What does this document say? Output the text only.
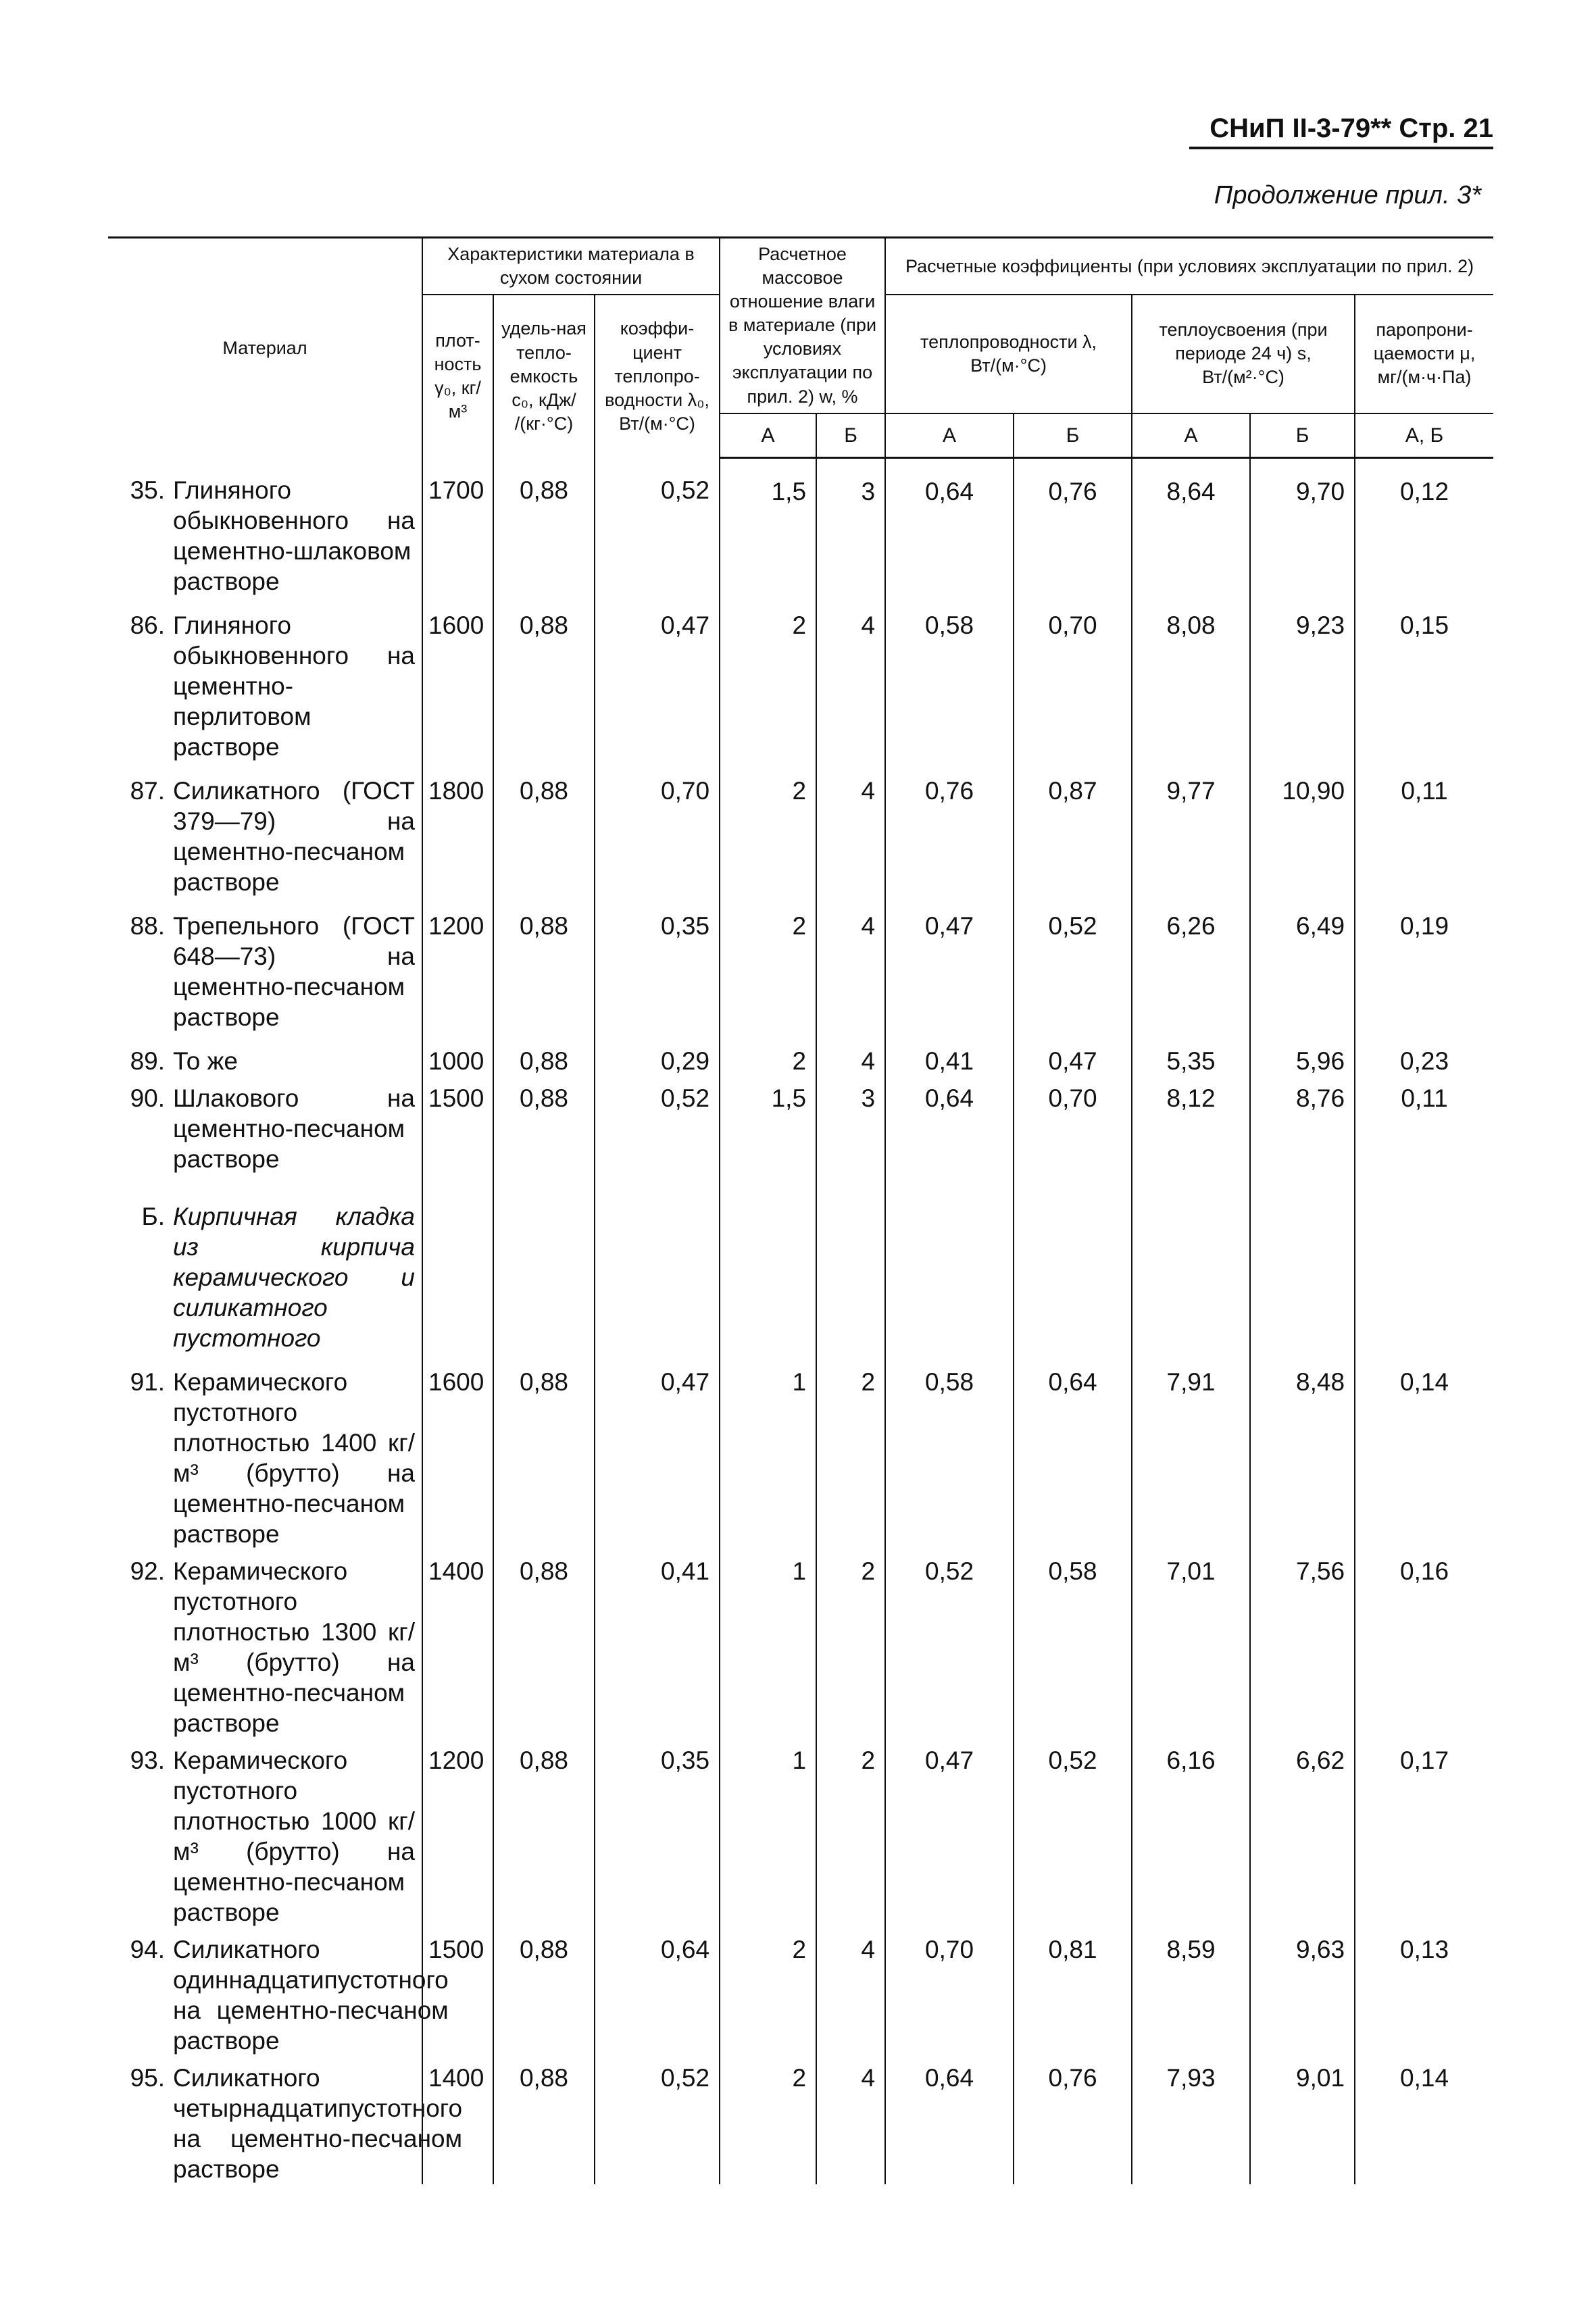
СНиП II-3-79** Стр. 21
Продолжение прил. 3*
Материал	Характеристики материала в сухом состоянии			Расчетное массовое отношение влаги в материале (при условиях эксплуатации по прил. 2) w, %		Расчетные коэффициенты (при условиях эксплуатации по прил. 2)				
	плот-ность γ₀, кг/м³	удель-ная тепло-емкость c₀, кДж/ /(кг·°С)	коэффи-циент теплопро-водности λ₀, Вт/(м·°С)			теплопроводности λ, Вт/(м·°С)		теплоусвоения (при периоде 24 ч) s, Вт/(м²·°С)		паропрони-цаемости μ, мг/(м·ч·Па)
				А	Б	А	Б	А	Б	А, Б

35. Глиняного обыкновенного на цементно-шлаковом растворе	1700	0,88	0,52	1,5	3	0,64	0,76	8,64	9,70	0,12

86. Глиняного обыкновенного на цементно-перлитовом растворе	1600	0,88	0,47	2	4	0,58	0,70	8,08	9,23	0,15

87. Силикатного (ГОСТ 379—79) на цементно-песчаном растворе	1800	0,88	0,70	2	4	0,76	0,87	9,77	10,90	0,11

88. Трепельного (ГОСТ 648—73) на цементно-песчаном растворе	1200	0,88	0,35	2	4	0,47	0,52	6,26	6,49	0,19

89. То же	1000	0,88	0,29	2	4	0,41	0,47	5,35	5,96	0,23

90. Шлакового на цементно-песчаном растворе	1500	0,88	0,52	1,5	3	0,64	0,70	8,12	8,76	0,11

Б. Кирпичная кладка из кирпича керамического и силикатного пустотного										

91. Керамического пустотного плотностью 1400 кг/м³ (брутто) на цементно-песчаном растворе	1600	0,88	0,47	1	2	0,58	0,64	7,91	8,48	0,14

92. Керамического пустотного плотностью 1300 кг/м³ (брутто) на цементно-песчаном растворе	1400	0,88	0,41	1	2	0,52	0,58	7,01	7,56	0,16

93. Керамического пустотного плотностью 1000 кг/м³ (брутто) на цементно-песчаном растворе	1200	0,88	0,35	1	2	0,47	0,52	6,16	6,62	0,17

94. Силикатного одиннадцатипустотного на цементно-песчаном растворе	1500	0,88	0,64	2	4	0,70	0,81	8,59	9,63	0,13

95. Силикатного четырнадцатипустотного на цементно-песчаном растворе	1400	0,88	0,52	2	4	0,64	0,76	7,93	9,01	0,14
